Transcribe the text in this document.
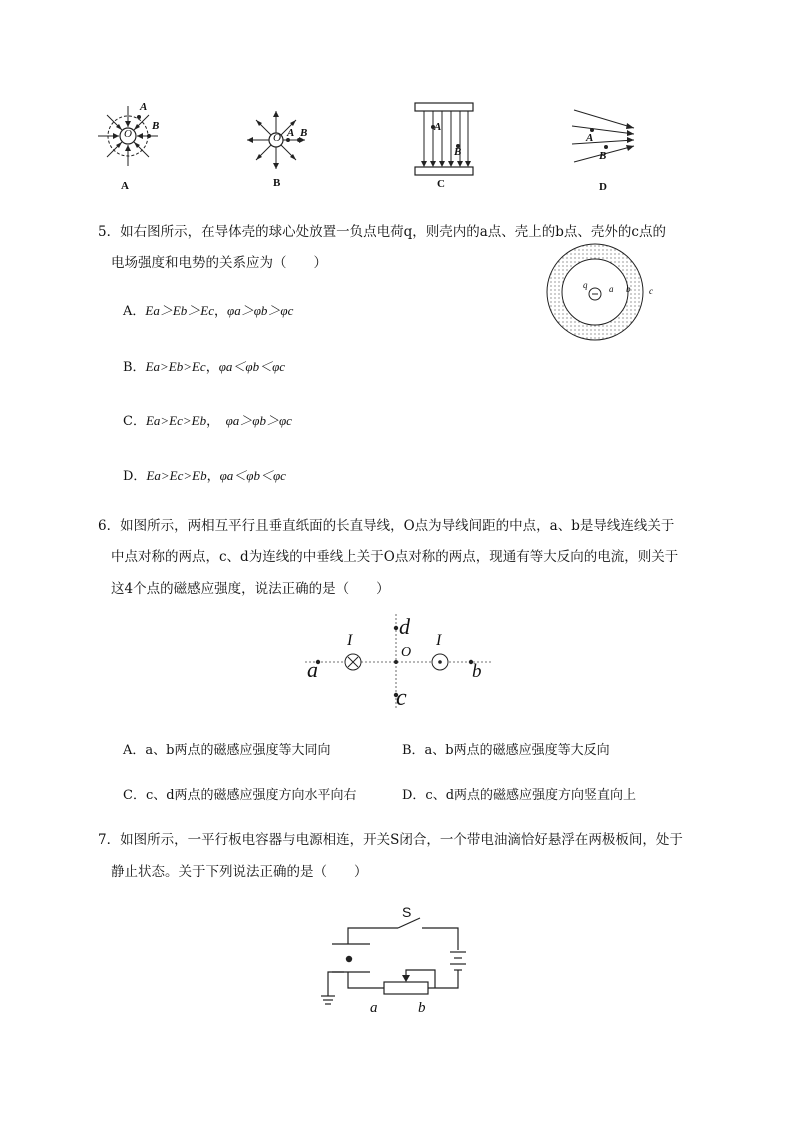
A
B
O
A
O A B
B
A
B
C
A
B
D
5．如右图所示，在导体壳的球心处放置一负点电荷q，则壳内的a点、壳上的b点、壳外的c点的
电场强度和电势的关系应为（　　）
q a b c
A．Ea＞Eb＞Ec，φa＞φb＞φc
B．Ea>Eb>Ec，φa＜φb＜φc
C．Ea>Ec>Eb，　φa＞φb＞φc
D．Ea>Ec>Eb，φa＜φb＜φc
6．如图所示，两相互平行且垂直纸面的长直导线，O点为导线间距的中点，a、b是导线连线关于
中点对称的两点，c、d为连线的中垂线上关于O点对称的两点，现通有等大反向的电流，则关于
这4个点的磁感应强度，说法正确的是（　　）
I	I
d
O
a	b
c
A．a、b两点的磁感应强度等大同向	B．a、b两点的磁感应强度等大反向
C．c、d两点的磁感应强度方向水平向右	D．c、d两点的磁感应强度方向竖直向上
7．如图所示，一平行板电容器与电源相连，开关S闭合，一个带电油滴恰好悬浮在两极板间，处于
静止状态。关于下列说法正确的是（　　）
S
a	b
